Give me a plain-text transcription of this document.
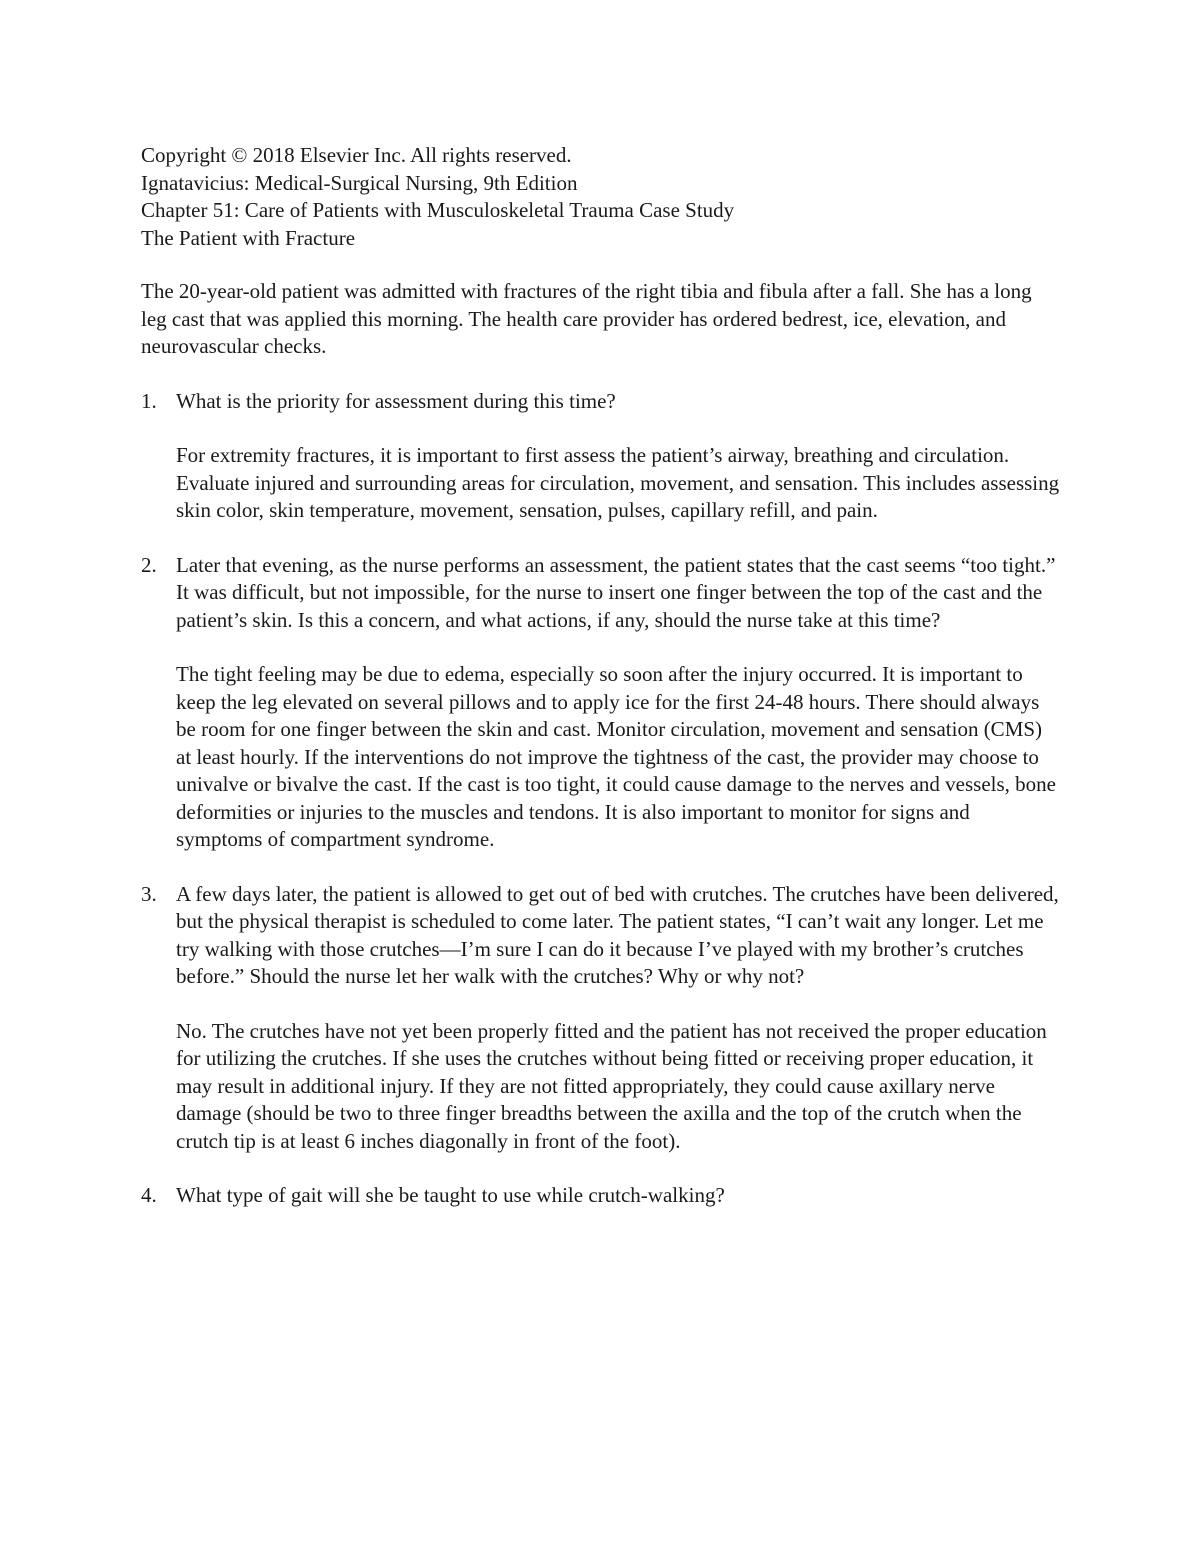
Copyright © 2018 Elsevier Inc. All rights reserved.

Ignatavicius: Medical-Surgical Nursing, 9th Edition

Chapter 51: Care of Patients with Musculoskeletal Trauma Case Study

The Patient with Fracture

The 20-year-old patient was admitted with fractures of the right tibia and fibula after a fall. She has a long leg cast that was applied this morning. The health care provider has ordered bedrest, ice, elevation, and neurovascular checks.

1. What is the priority for assessment during this time?

For extremity fractures, it is important to first assess the patient’s airway, breathing and circulation. Evaluate injured and surrounding areas for circulation, movement, and sensation. This includes assessing skin color, skin temperature, movement, sensation, pulses, capillary refill, and pain.

2. Later that evening, as the nurse performs an assessment, the patient states that the cast seems “too tight.” It was difficult, but not impossible, for the nurse to insert one finger between the top of the cast and the patient’s skin. Is this a concern, and what actions, if any, should the nurse take at this time?

The tight feeling may be due to edema, especially so soon after the injury occurred. It is important to keep the leg elevated on several pillows and to apply ice for the first 24-48 hours. There should always be room for one finger between the skin and cast. Monitor circulation, movement and sensation (CMS) at least hourly. If the interventions do not improve the tightness of the cast, the provider may choose to univalve or bivalve the cast. If the cast is too tight, it could cause damage to the nerves and vessels, bone deformities or injuries to the muscles and tendons. It is also important to monitor for signs and symptoms of compartment syndrome.

3. A few days later, the patient is allowed to get out of bed with crutches. The crutches have been delivered, but the physical therapist is scheduled to come later. The patient states, “I can’t wait any longer. Let me try walking with those crutches—I’m sure I can do it because I’ve played with my brother’s crutches before.” Should the nurse let her walk with the crutches? Why or why not?

No. The crutches have not yet been properly fitted and the patient has not received the proper education for utilizing the crutches. If she uses the crutches without being fitted or receiving proper education, it may result in additional injury. If they are not fitted appropriately, they could cause axillary nerve damage (should be two to three finger breadths between the axilla and the top of the crutch when the crutch tip is at least 6 inches diagonally in front of the foot).

4. What type of gait will she be taught to use while crutch-walking?
